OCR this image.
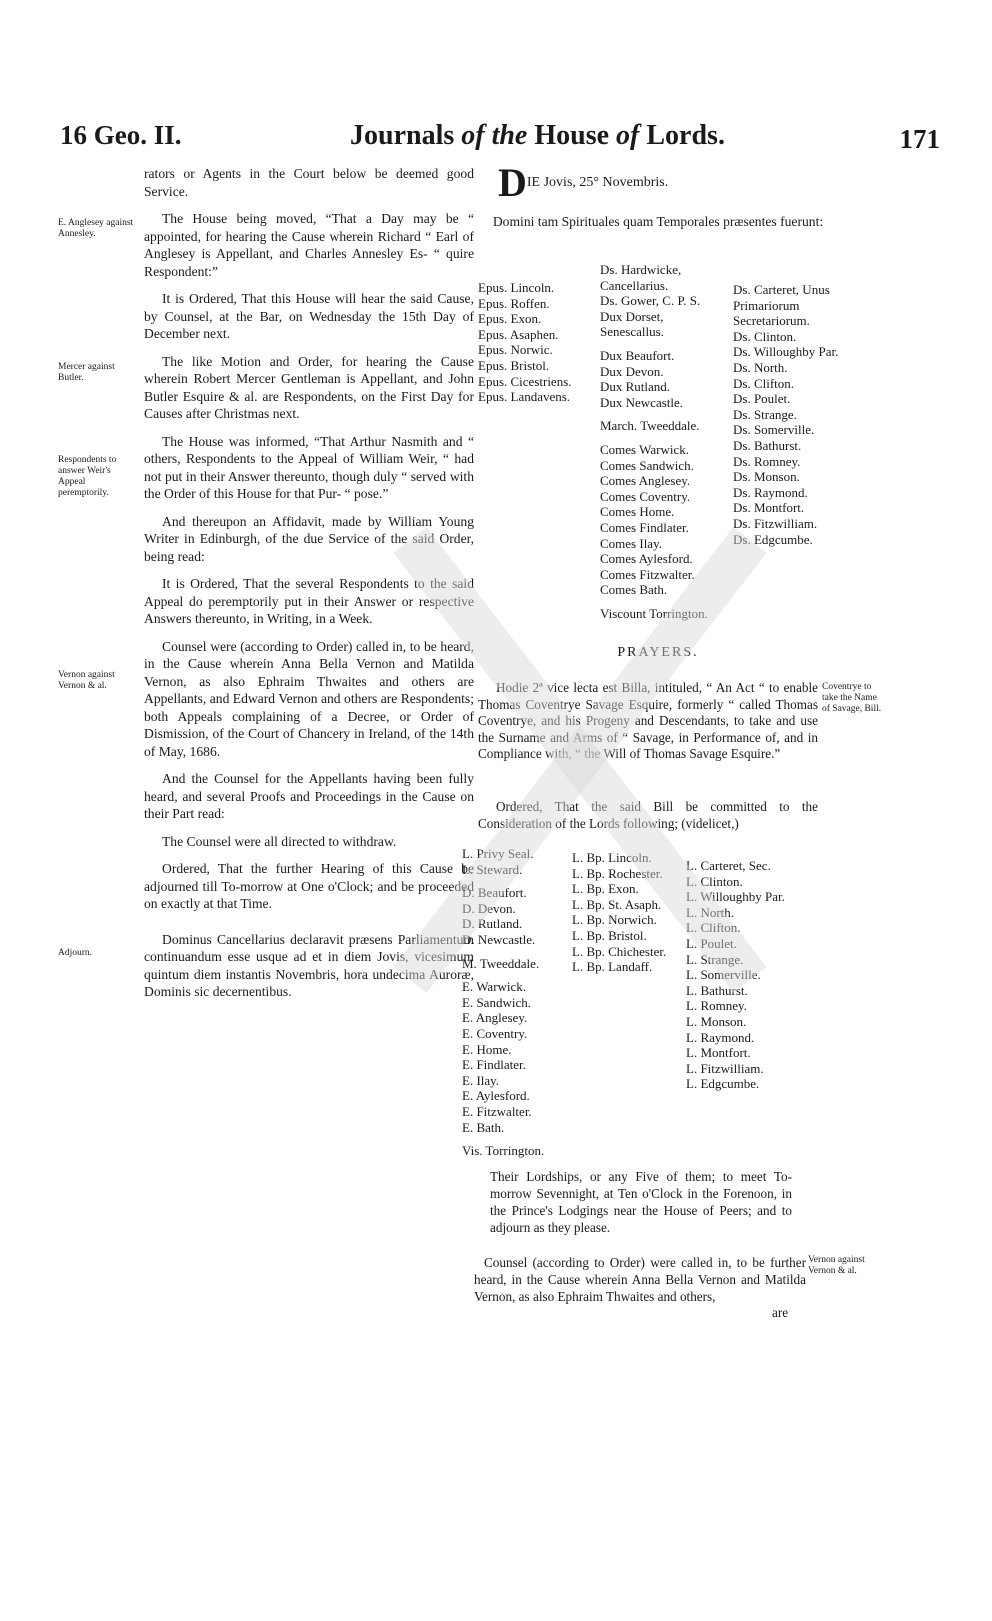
16 Geo. II.	Journals of the House of Lords.	171

rators or Agents in the Court below be deemed good Service.

The House being moved, “That a Day may be “ appointed, for hearing the Cause wherein Richard “ Earl of Anglesey is Appellant, and Charles Annesley Es- “ quire Respondent:”

It is Ordered, That this House will hear the said Cause, by Counsel, at the Bar, on Wednesday the 15th Day of December next.

The like Motion and Order, for hearing the Cause wherein Robert Mercer Gentleman is Appellant, and John Butler Esquire & al. are Respondents, on the First Day for Causes after Christmas next.

The House was informed, “That Arthur Nasmith and “ others, Respondents to the Appeal of William Weir, “ had not put in their Answer thereunto, though duly “ served with the Order of this House for that Pur- “ pose.”

And thereupon an Affidavit, made by William Young Writer in Edinburgh, of the due Service of the said Order, being read:

It is Ordered, That the several Respondents to the said Appeal do peremptorily put in their Answer or respective Answers thereunto, in Writing, in a Week.

Counsel were (according to Order) called in, to be heard, in the Cause wherein Anna Bella Vernon and Matilda Vernon, as also Ephraim Thwaites and others are Appellants, and Edward Vernon and others are Respondents; both Appeals complaining of a Decree, or Order of Dismission, of the Court of Chancery in Ireland, of the 14th of May, 1686.

And the Counsel for the Appellants having been fully heard, and several Proofs and Proceedings in the Cause on their Part read:

The Counsel were all directed to withdraw.

Ordered, That the further Hearing of this Cause be adjourned till To-morrow at One o'Clock; and be proceeded on exactly at that Time.

Dominus Cancellarius declaravit præsens Parliamentum continuandum esse usque ad et in diem Jovis, vicesimum quintum diem instantis Novembris, hora undecima Auroræ, Dominis sic decernentibus.

E. Anglesey against Annesley.
Mercer against Butler.
Respondents to answer Weir's Appeal peremptorily.
Vernon against Vernon & al.
Adjourn.
DIE Jovis, 25° Novembris.
Domini tam Spirituales quam Temporales præsentes fuerunt:
Epus. Lincoln.
Epus. Roffen.
Epus. Exon.
Epus. Asaphen.
Epus. Norwic.
Epus. Bristol.
Epus. Cicestriens.
Epus. Landavens.
Ds. Hardwicke, Cancellarius.
Ds. Gower, C. P. S.
Dux Dorset, Senescallus.
Dux Beaufort.
Dux Devon.
Dux Rutland.
Dux Newcastle.
March. Tweeddale.
Comes Warwick.
Comes Sandwich.
Comes Anglesey.
Comes Coventry.
Comes Home.
Comes Findlater.
Comes Ilay.
Comes Aylesford.
Comes Fitzwalter.
Comes Bath.
Viscount Torrington.
Ds. Carteret, Unus Primariorum Secretariorum.
Ds. Clinton.
Ds. Willoughby Par.
Ds. North.
Ds. Clifton.
Ds. Poulet.
Ds. Strange.
Ds. Somerville.
Ds. Bathurst.
Ds. Romney.
Ds. Monson.
Ds. Raymond.
Ds. Montfort.
Ds. Fitzwilliam.
Ds. Edgcumbe.
PRAYERS.
Hodie 2ª vice lecta est Billa, intituled, “ An Act “ to enable Thomas Coventrye Savage Esquire, formerly “ called Thomas Coventrye, and his Progeny and Descendants, to take and use the Surname and Arms of “ Savage, in Performance of, and in Compliance with, “ the Will of Thomas Savage Esquire.”
Coventrye to take the Name of Savage, Bill.
Ordered, That the said Bill be committed to the Consideration of the Lords following; (videlicet,)
L. Privy Seal.
L. Steward.
D. Beaufort.
D. Devon.
D. Rutland.
D. Newcastle.
M. Tweeddale.
E. Warwick.
E. Sandwich.
E. Anglesey.
E. Coventry.
E. Home.
E. Findlater.
E. Ilay.
E. Aylesford.
E. Fitzwalter.
E. Bath.
Vis. Torrington.
L. Bp. Lincoln.
L. Bp. Rochester.
L. Bp. Exon.
L. Bp. St. Asaph.
L. Bp. Norwich.
L. Bp. Bristol.
L. Bp. Chichester.
L. Bp. Landaff.
L. Carteret, Sec.
L. Clinton.
L. Willoughby Par.
L. North.
L. Clifton.
L. Poulet.
L. Strange.
L. Somerville.
L. Bathurst.
L. Romney.
L. Monson.
L. Raymond.
L. Montfort.
L. Fitzwilliam.
L. Edgcumbe.
Their Lordships, or any Five of them; to meet To-morrow Sevennight, at Ten o'Clock in the Forenoon, in the Prince's Lodgings near the House of Peers; and to adjourn as they please.
Counsel (according to Order) were called in, to be further heard, in the Cause wherein Anna Bella Vernon and Matilda Vernon, as also Ephraim Thwaites and others,
Vernon against Vernon & al.
are
